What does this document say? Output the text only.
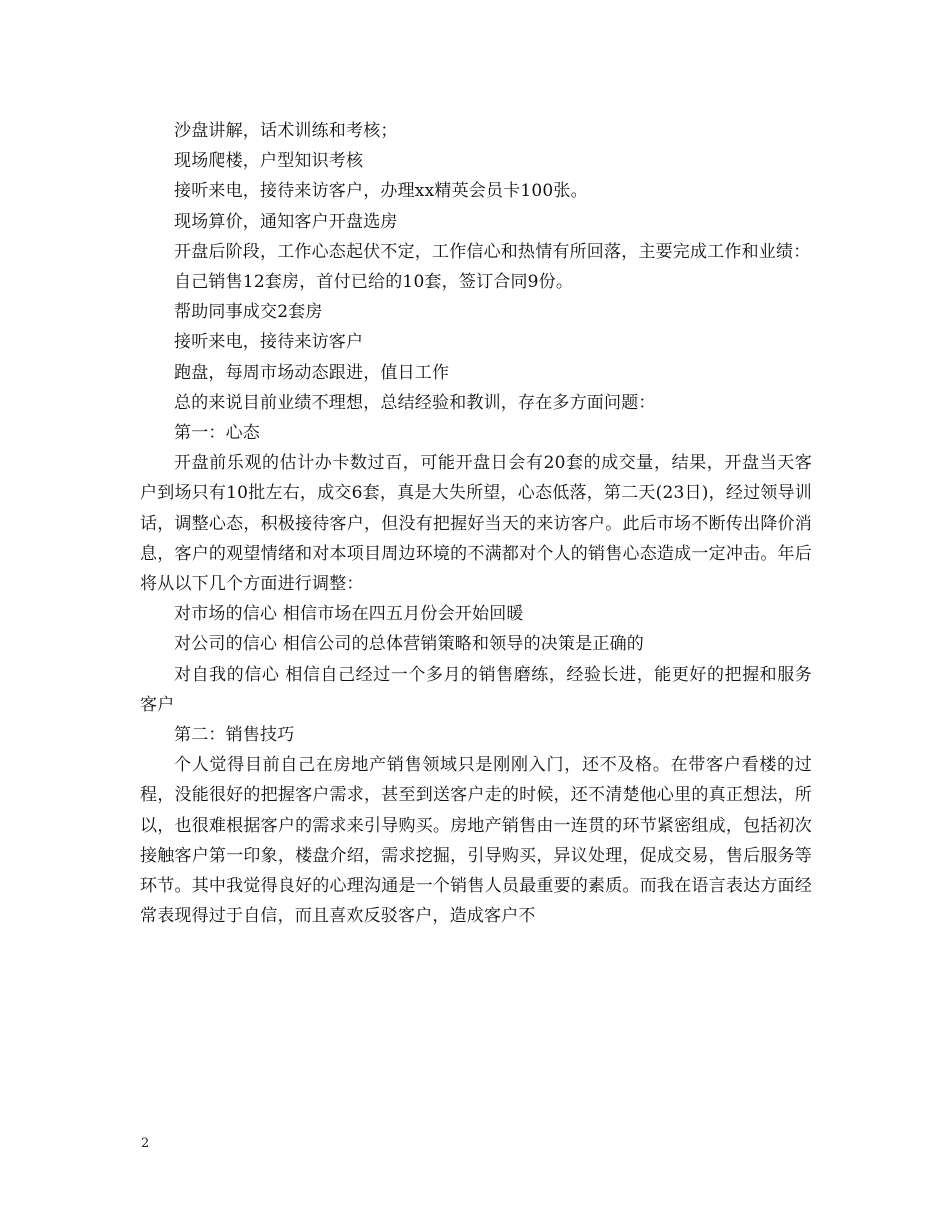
沙盘讲解，话术训练和考核；

现场爬楼，户型知识考核

接听来电，接待来访客户，办理xx精英会员卡100张。

现场算价，通知客户开盘选房

开盘后阶段，工作心态起伏不定，工作信心和热情有所回落，主要完成工作和业绩：

自己销售12套房，首付已给的10套，签订合同9份。

帮助同事成交2套房

接听来电，接待来访客户

跑盘，每周市场动态跟进，值日工作

总的来说目前业绩不理想，总结经验和教训，存在多方面问题：

第一：心态

开盘前乐观的估计办卡数过百，可能开盘日会有20套的成交量，结果，开盘当天客户到场只有10批左右，成交6套，真是大失所望，心态低落，第二天(23日)，经过领导训话，调整心态，积极接待客户，但没有把握好当天的来访客户。此后市场不断传出降价消息，客户的观望情绪和对本项目周边环境的不满都对个人的销售心态造成一定冲击。年后将从以下几个方面进行调整：

对市场的信心 相信市场在四五月份会开始回暖

对公司的信心 相信公司的总体营销策略和领导的决策是正确的

对自我的信心 相信自己经过一个多月的销售磨练，经验长进，能更好的把握和服务客户

第二：销售技巧

个人觉得目前自己在房地产销售领域只是刚刚入门，还不及格。在带客户看楼的过程，没能很好的把握客户需求，甚至到送客户走的时候，还不清楚他心里的真正想法，所以，也很难根据客户的需求来引导购买。房地产销售由一连贯的环节紧密组成，包括初次接触客户第一印象，楼盘介绍，需求挖掘，引导购买，异议处理，促成交易，售后服务等环节。其中我觉得良好的心理沟通是一个销售人员最重要的素质。而我在语言表达方面经常表现得过于自信，而且喜欢反驳客户，造成客户不

2
